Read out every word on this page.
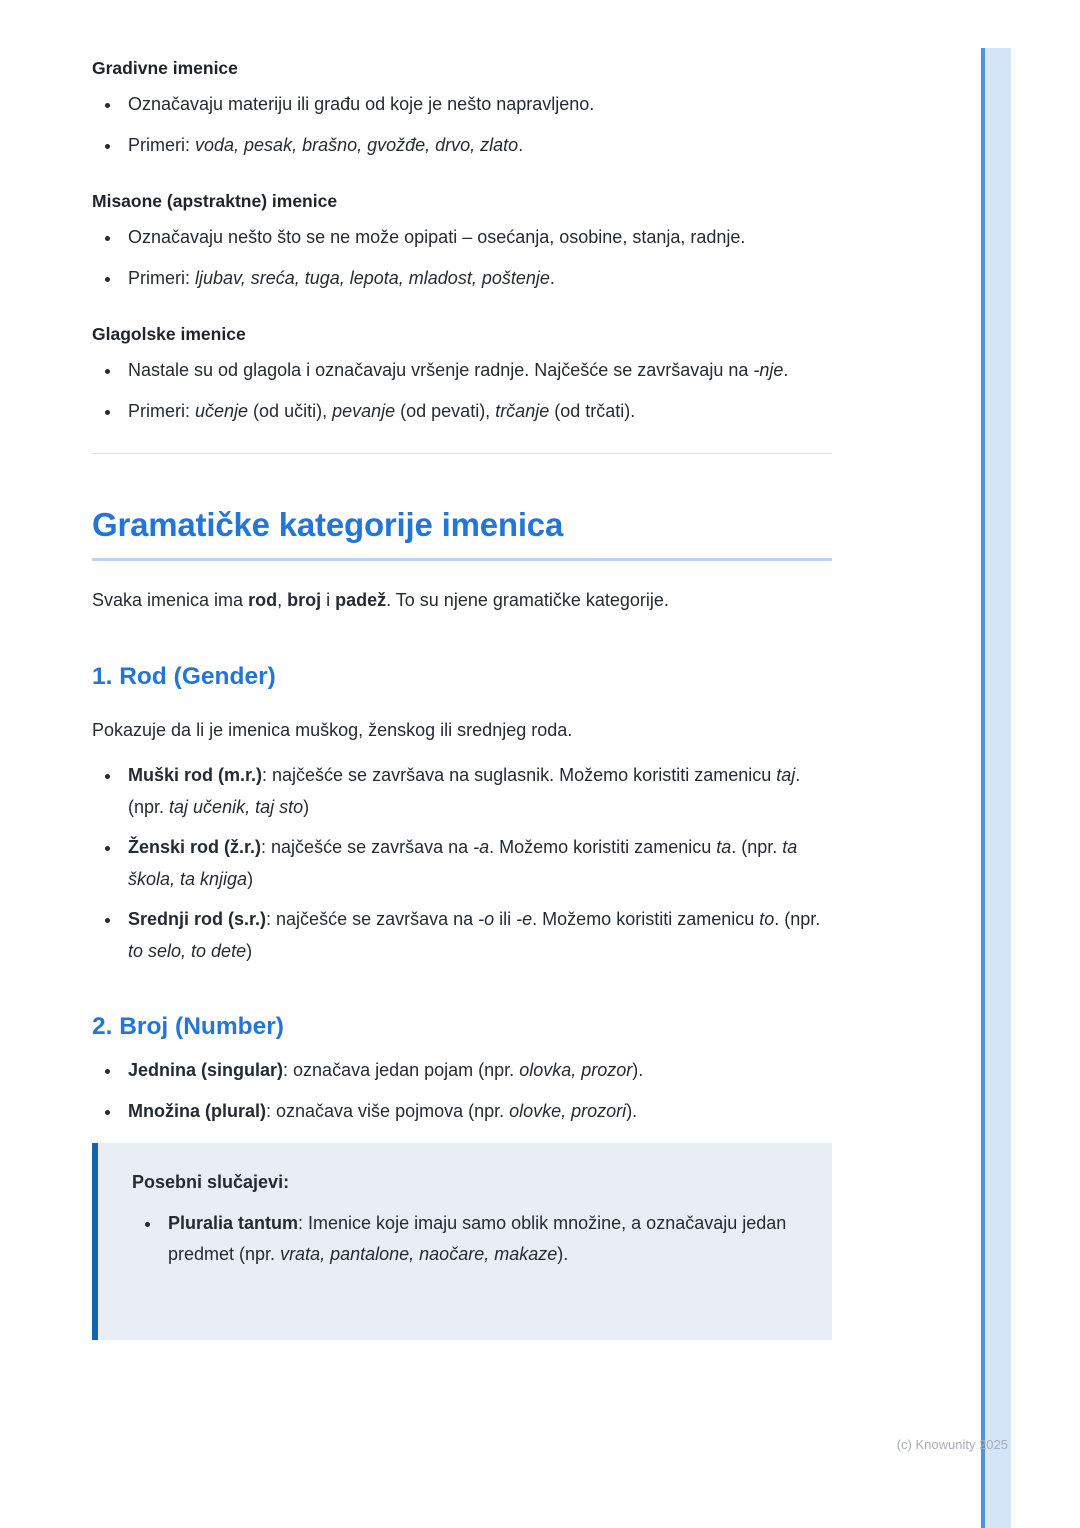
Gradivne imenice
• Označavaju materiju ili građu od koje je nešto napravljeno.
• Primeri: voda, pesak, brašno, gvožđe, drvo, zlato.
Misaone (apstraktne) imenice
• Označavaju nešto što se ne može opipati – osećanja, osobine, stanja, radnje.
• Primeri: ljubav, sreća, tuga, lepota, mladost, poštenje.
Glagolske imenice
• Nastale su od glagola i označavaju vršenje radnje. Najčešće se završavaju na -nje.
• Primeri: učenje (od učiti), pevanje (od pevati), trčanje (od trčati).
Gramatičke kategorije imenica

Svaka imenica ima rod, broj i padež. To su njene gramatičke kategorije.

1. Rod (Gender)

Pokazuje da li je imenica muškog, ženskog ili srednjeg roda.

• Muški rod (m.r.): najčešće se završava na suglasnik. Možemo koristiti zamenicu taj. (npr. taj učenik, taj sto)
• Ženski rod (ž.r.): najčešće se završava na -a. Možemo koristiti zamenicu ta. (npr. ta škola, ta knjiga)
• Srednji rod (s.r.): najčešće se završava na -o ili -e. Možemo koristiti zamenicu to. (npr. to selo, to dete)
2. Broj (Number)
• Jednina (singular): označava jedan pojam (npr. olovka, prozor).
• Množina (plural): označava više pojmova (npr. olovke, prozori).

Posebni slučajevi:

• Pluralia tantum: Imenice koje imaju samo oblik množine, a označavaju jedan predmet (npr. vrata, pantalone, naočare, makaze).
(c) Knowunity 2025
